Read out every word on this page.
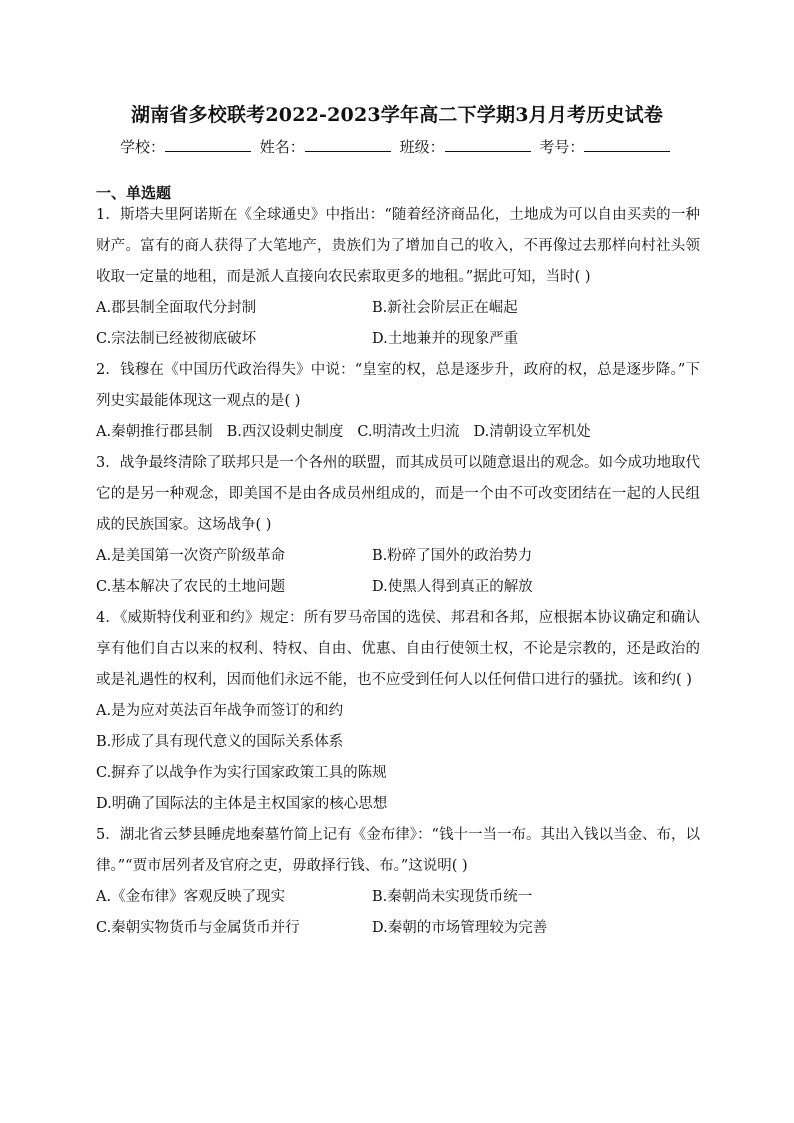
湖南省多校联考2022-2023学年高二下学期3月月考历史试卷
学校：	姓名：	班级：	考号：
一、单选题

1．斯塔夫里阿诺斯在《全球通史》中指出：“随着经济商品化，土地成为可以自由买卖的一种财产。富有的商人获得了大笔地产，贵族们为了增加自己的收入，不再像过去那样向村社头领收取一定量的地租，而是派人直接向农民索取更多的地租。”据此可知，当时( )

A.郡县制全面取代分封制	B.新社会阶层正在崛起
C.宗法制已经被彻底破坏	D.土地兼并的现象严重

2．钱穆在《中国历代政治得失》中说：“皇室的权，总是逐步升，政府的权，总是逐步降。”下列史实最能体现这一观点的是( )

A.秦朝推行郡县制 B.西汉设刺史制度 C.明清改土归流 D.清朝设立军机处

3．战争最终清除了联邦只是一个各州的联盟，而其成员可以随意退出的观念。如今成功地取代它的是另一种观念，即美国不是由各成员州组成的，而是一个由不可改变团结在一起的人民组成的民族国家。这场战争( )

A.是美国第一次资产阶级革命	B.粉碎了国外的政治势力
C.基本解决了农民的土地问题	D.使黑人得到真正的解放

4．《威斯特伐利亚和约》规定：所有罗马帝国的选侯、邦君和各邦，应根据本协议确定和确认享有他们自古以来的权利、特权、自由、优惠、自由行使领土权，不论是宗教的，还是政治的或是礼遇性的权利，因而他们永远不能，也不应受到任何人以任何借口进行的骚扰。该和约( )

A.是为应对英法百年战争而签订的和约
B.形成了具有现代意义的国际关系体系
C.摒弃了以战争作为实行国家政策工具的陈规
D.明确了国际法的主体是主权国家的核心思想

5．湖北省云梦县睡虎地秦墓竹简上记有《金布律》：“钱十一当一布。其出入钱以当金、布，以律。”“贾市居列者及官府之吏，毋敢择行钱、布。”这说明( )

A.《金布律》客观反映了现实	B.秦朝尚未实现货币统一
C.秦朝实物货币与金属货币并行	D.秦朝的市场管理较为完善
